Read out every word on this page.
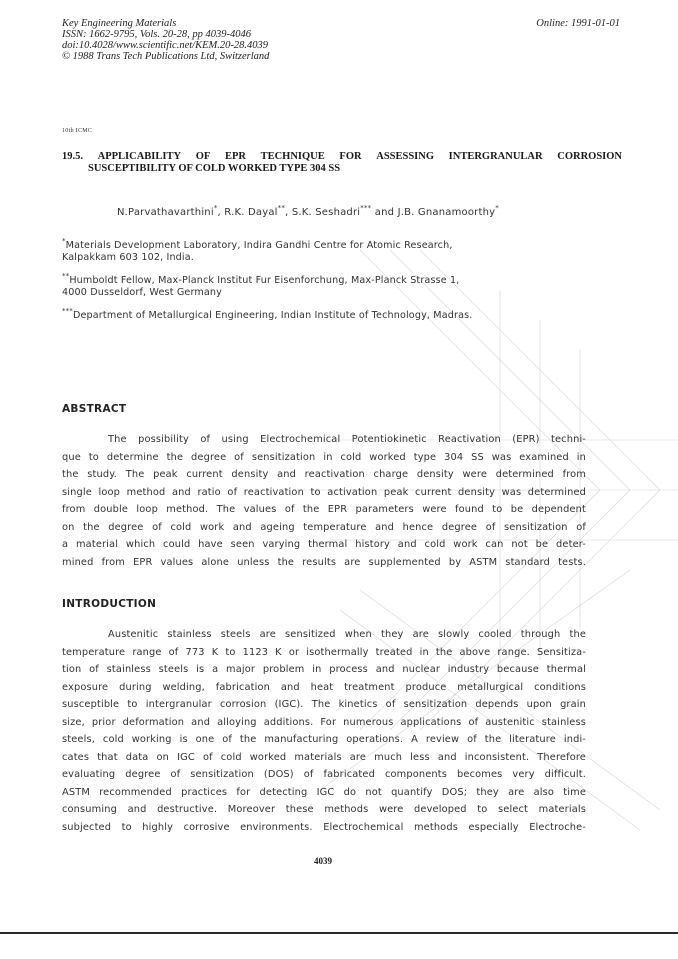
Key Engineering Materials
ISSN: 1662-9795, Vols. 20-28, pp 4039-4046
doi:10.4028/www.scientific.net/KEM.20-28.4039
© 1988 Trans Tech Publications Ltd, Switzerland
Online: 1991-01-01
10th ICMC
19.5. APPLICABILITY OF EPR TECHNIQUE FOR ASSESSING INTERGRANULAR CORROSION
SUSCEPTIBILITY OF COLD WORKED TYPE 304 SS
N.Parvathavarthini*, R.K. Dayal**, S.K. Seshadri*** and J.B. Gnanamoorthy*
*Materials Development Laboratory, Indira Gandhi Centre for Atomic Research,
Kalpakkam 603 102, India.
**Humboldt Fellow, Max-Planck Institut Fur Eisenforchung, Max-Planck Strasse 1,
4000 Dusseldorf, West Germany
***Department of Metallurgical Engineering, Indian Institute of Technology, Madras.
ABSTRACT
The possibility of using Electrochemical Potentiokinetic Reactivation (EPR) techni-
que to determine the degree of sensitization in cold worked type 304 SS was examined in
the study. The peak current density and reactivation charge density were determined from
single loop method and ratio of reactivation to activation peak current density was determined
from double loop method. The values of the EPR parameters were found to be dependent
on the degree of cold work and ageing temperature and hence degree of sensitization of
a material which could have seen varying thermal history and cold work can not be deter-
mined from EPR values alone unless the results are supplemented by ASTM standard tests.
INTRODUCTION
Austenitic stainless steels are sensitized when they are slowly cooled through the
temperature range of 773 K to 1123 K or isothermally treated in the above range. Sensitiza-
tion of stainless steels is a major problem in process and nuclear industry because thermal
exposure during welding, fabrication and heat treatment produce metallurgical conditions
susceptible to intergranular corrosion (IGC). The kinetics of sensitization depends upon grain
size, prior deformation and alloying additions. For numerous applications of austenitic stainless
steels, cold working is one of the manufacturing operations. A review of the literature indi-
cates that data on IGC of cold worked materials are much less and inconsistent. Therefore
evaluating degree of sensitization (DOS) of fabricated components becomes very difficult.
ASTM recommended practices for detecting IGC do not quantify DOS; they are also time
consuming and destructive. Moreover these methods were developed to select materials
subjected to highly corrosive environments. Electrochemical methods especially Electroche-
4039
